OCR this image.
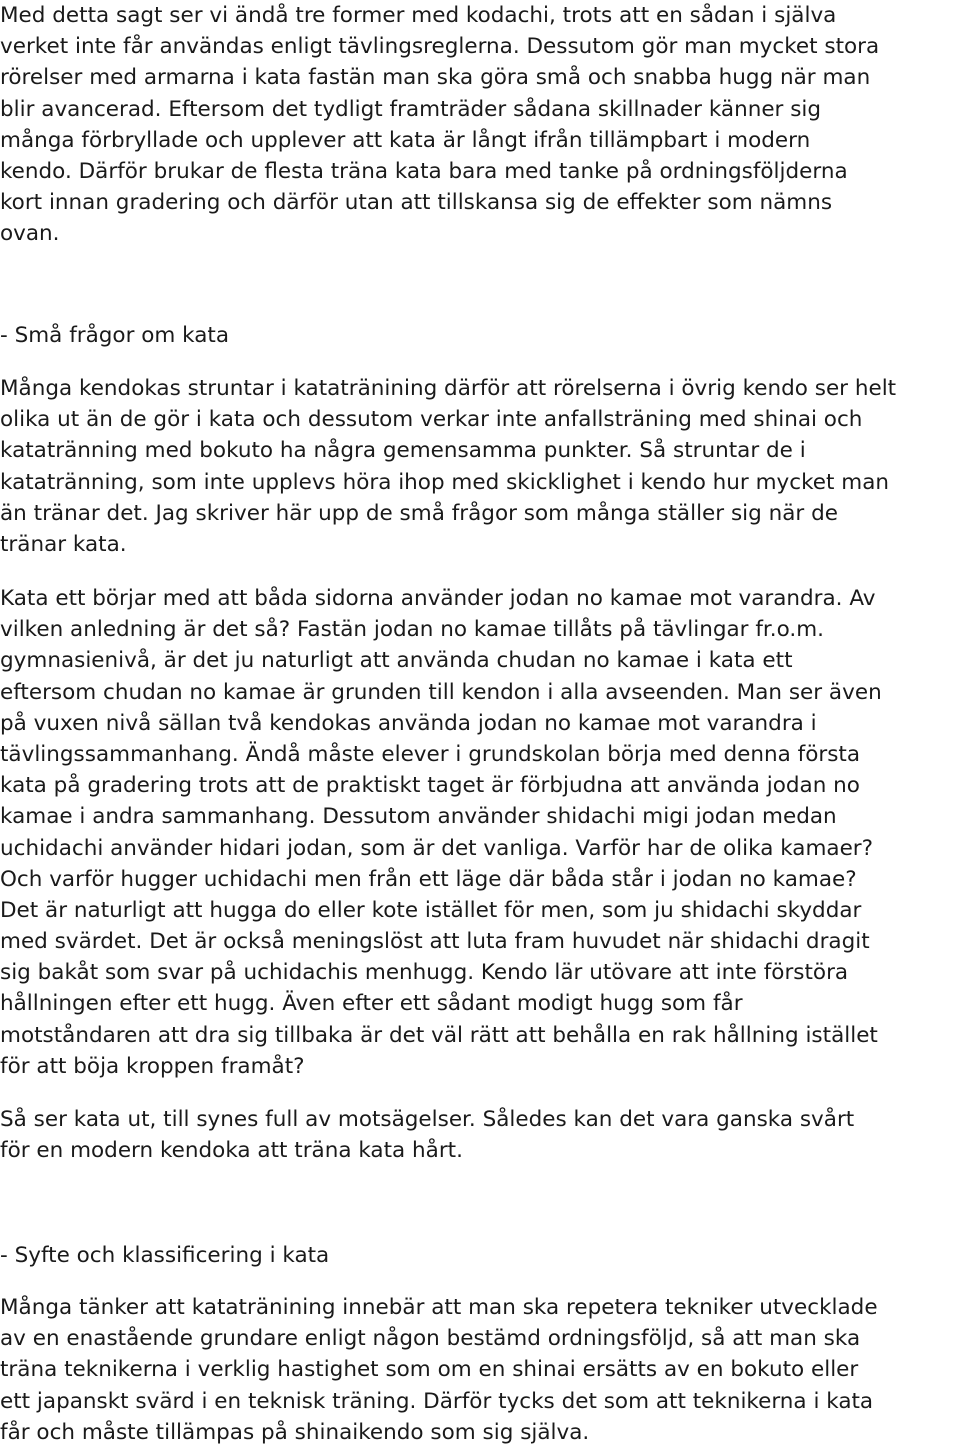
Med detta sagt ser vi ändå tre former med kodachi, trots att en sådan i själva
verket inte får användas enligt tävlingsreglerna. Dessutom gör man mycket stora
rörelser med armarna i kata fastän man ska göra små och snabba hugg när man
blir avancerad. Eftersom det tydligt framträder sådana skillnader känner sig
många förbryllade och upplever att kata är långt ifrån tillämpbart i modern
kendo. Därför brukar de flesta träna kata bara med tanke på ordningsföljderna
kort innan gradering och därför utan att tillskansa sig de effekter som nämns
ovan.
- Små frågor om kata
Många kendokas struntar i katatränining därför att rörelserna i övrig kendo ser helt
olika ut än de gör i kata och dessutom verkar inte anfallsträning med shinai och
katatränning med bokuto ha några gemensamma punkter. Så struntar de i
katatränning, som inte upplevs höra ihop med skicklighet i kendo hur mycket man
än tränar det. Jag skriver här upp de små frågor som många ställer sig när de
tränar kata.
Kata ett börjar med att båda sidorna använder jodan no kamae mot varandra. Av
vilken anledning är det så? Fastän jodan no kamae tillåts på tävlingar fr.o.m.
gymnasienivå, är det ju naturligt att använda chudan no kamae i kata ett
eftersom chudan no kamae är grunden till kendon i alla avseenden. Man ser även
på vuxen nivå sällan två kendokas använda jodan no kamae mot varandra i
tävlingssammanhang. Ändå måste elever i grundskolan börja med denna första
kata på gradering trots att de praktiskt taget är förbjudna att använda jodan no
kamae i andra sammanhang. Dessutom använder shidachi migi jodan medan
uchidachi använder hidari jodan, som är det vanliga. Varför har de olika kamaer?
Och varför hugger uchidachi men från ett läge där båda står i jodan no kamae?
Det är naturligt att hugga do eller kote istället för men, som ju shidachi skyddar
med svärdet. Det är också meningslöst att luta fram huvudet när shidachi dragit
sig bakåt som svar på uchidachis menhugg. Kendo lär utövare att inte förstöra
hållningen efter ett hugg. Även efter ett sådant modigt hugg som får
motståndaren att dra sig tillbaka är det väl rätt att behålla en rak hållning istället
för att böja kroppen framåt?
Så ser kata ut, till synes full av motsägelser. Således kan det vara ganska svårt
för en modern kendoka att träna kata hårt.
- Syfte och klassificering i kata
Många tänker att katatränining innebär att man ska repetera tekniker utvecklade
av en enastående grundare enligt någon bestämd ordningsföljd, så att man ska
träna teknikerna i verklig hastighet som om en shinai ersätts av en bokuto eller
ett japanskt svärd i en teknisk träning. Därför tycks det som att teknikerna i kata
får och måste tillämpas på shinaikendo som sig själva.
